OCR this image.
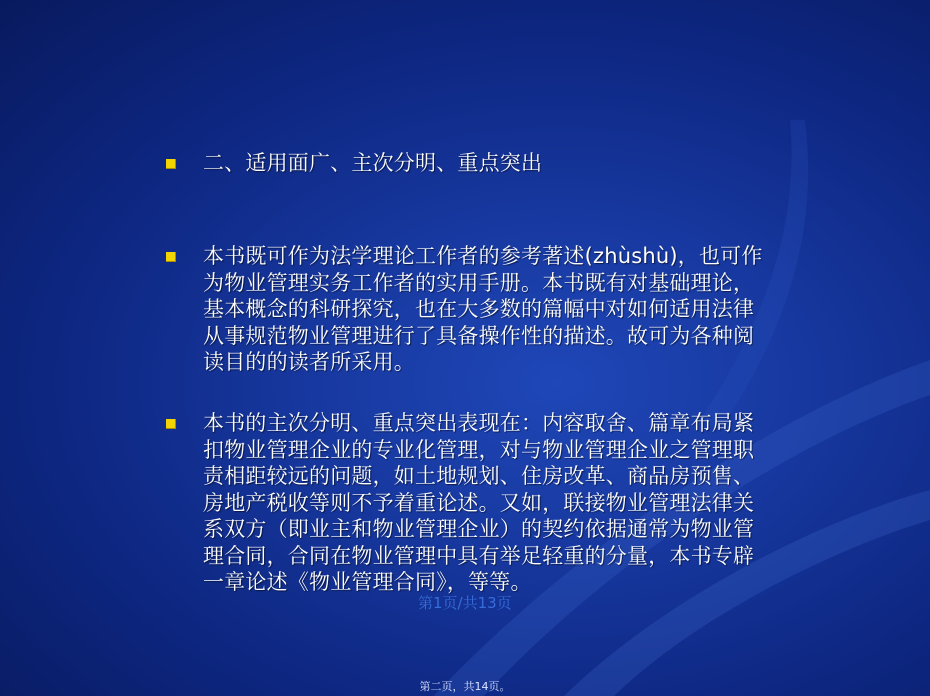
二、适用面广、主次分明、重点突出
本书既可作为法学理论工作者的参考著述(zhùshù)，也可作为物业管理实务工作者的实用手册。本书既有对基础理论，基本概念的科研探究，也在大多数的篇幅中对如何适用法律从事规范物业管理进行了具备操作性的描述。故可为各种阅读目的的读者所采用。
本书的主次分明、重点突出表现在：内容取舍、篇章布局紧扣物业管理企业的专业化管理，对与物业管理企业之管理职责相距较远的问题，如土地规划、住房改革、商品房预售、房地产税收等则不予着重论述。又如，联接物业管理法律关系双方（即业主和物业管理企业）的契约依据通常为物业管理合同，合同在物业管理中具有举足轻重的分量，本书专辟一章论述《物业管理合同》，等等。
第1页/共13页
第二页，共14页。
